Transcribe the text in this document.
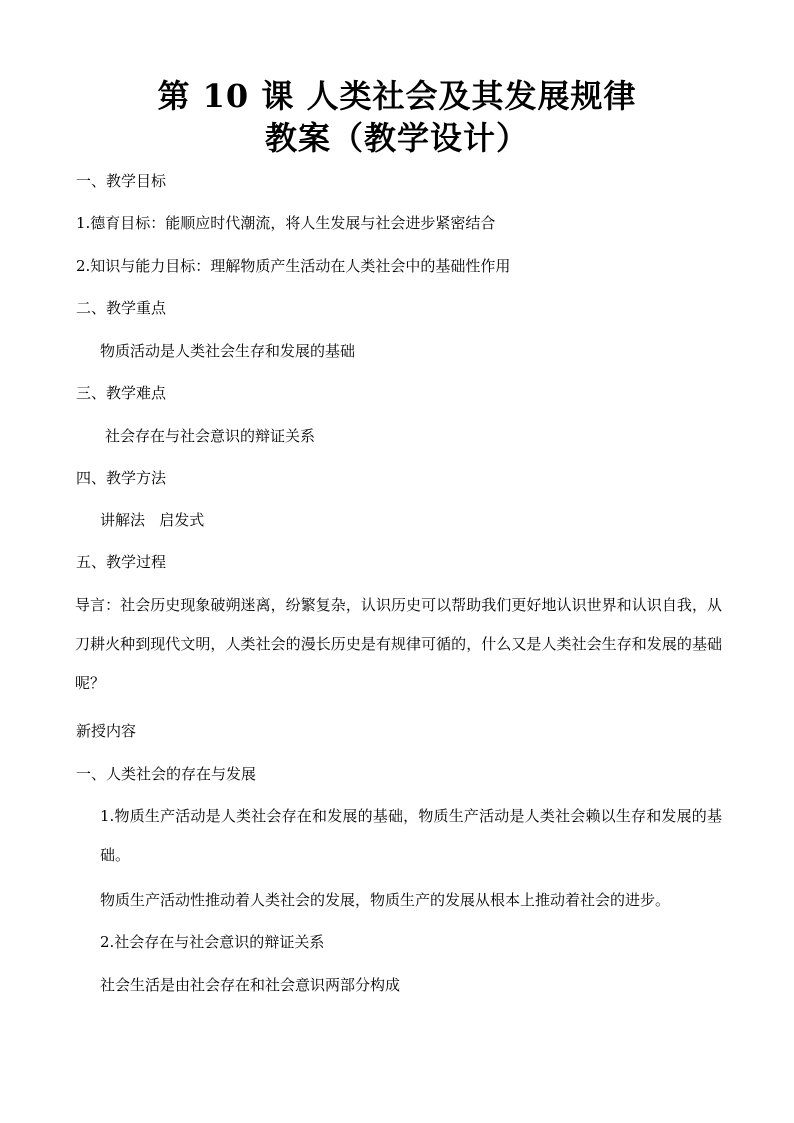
第 10 课 人类社会及其发展规律
教案（教学设计）
一、教学目标
1.德育目标：能顺应时代潮流，将人生发展与社会进步紧密结合
2.知识与能力目标：理解物质产生活动在人类社会中的基础性作用
二、教学重点
物质活动是人类社会生存和发展的基础
三、教学难点
社会存在与社会意识的辩证关系
四、教学方法
讲解法   启发式
五、教学过程
导言：社会历史现象破朔迷离，纷繁复杂，认识历史可以帮助我们更好地认识世界和认识自我，从刀耕火种到现代文明，人类社会的漫长历史是有规律可循的，什么又是人类社会生存和发展的基础呢？
新授内容
一、人类社会的存在与发展
1.物质生产活动是人类社会存在和发展的基础，物质生产活动是人类社会赖以生存和发展的基础。
物质生产活动性推动着人类社会的发展，物质生产的发展从根本上推动着社会的进步。
2.社会存在与社会意识的辩证关系
社会生活是由社会存在和社会意识两部分构成
